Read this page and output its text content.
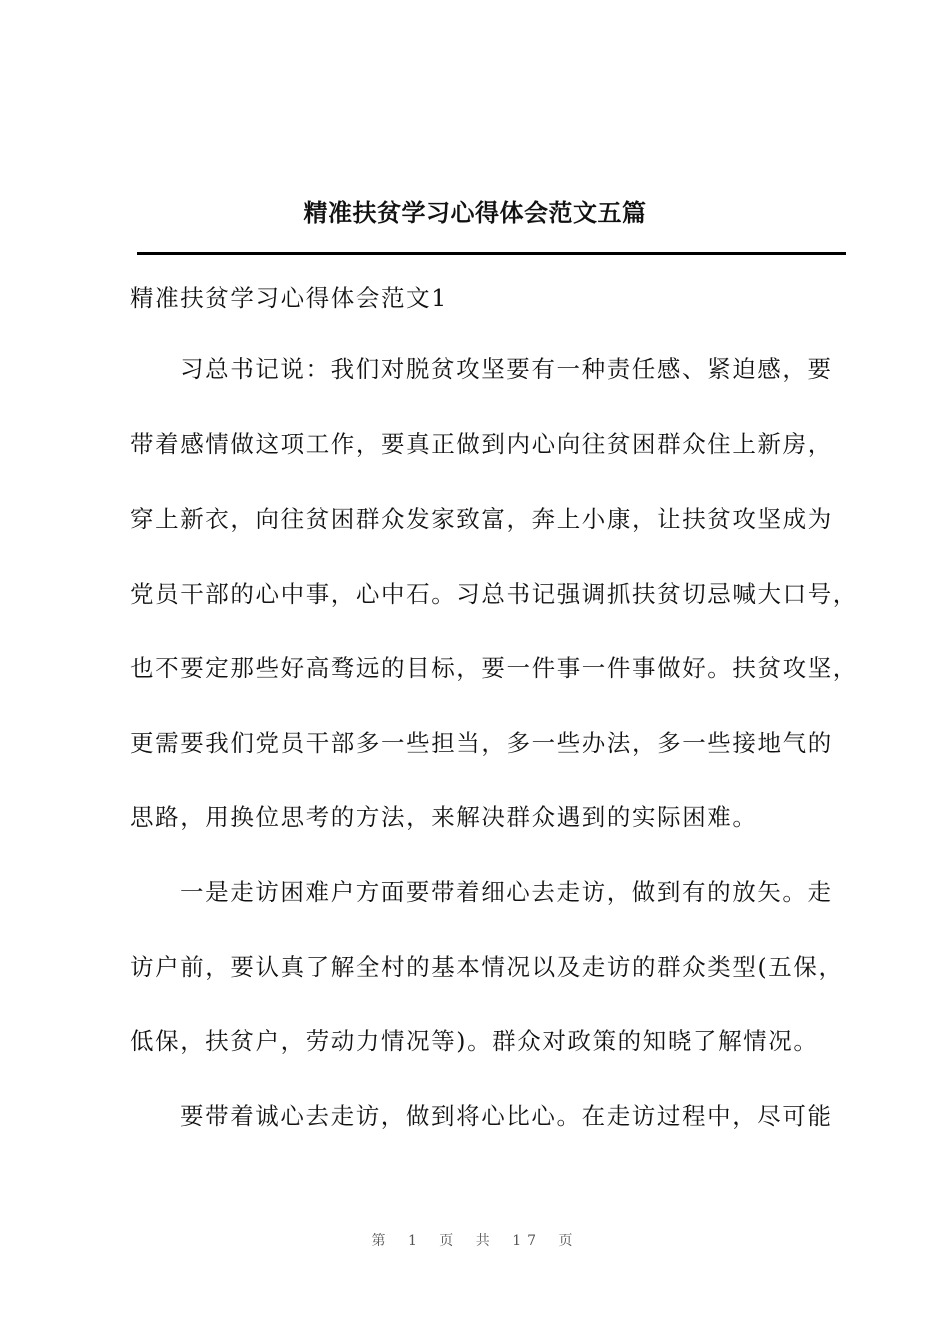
精准扶贫学习心得体会范文五篇
精准扶贫学习心得体会范文1
习总书记说：我们对脱贫攻坚要有一种责任感、紧迫感，要
带着感情做这项工作，要真正做到内心向往贫困群众住上新房，
穿上新衣，向往贫困群众发家致富，奔上小康，让扶贫攻坚成为
党员干部的心中事，心中石。习总书记强调抓扶贫切忌喊大口号，
也不要定那些好高骛远的目标，要一件事一件事做好。扶贫攻坚，
更需要我们党员干部多一些担当，多一些办法，多一些接地气的
思路，用换位思考的方法，来解决群众遇到的实际困难。
一是走访困难户方面要带着细心去走访，做到有的放矢。走
访户前，要认真了解全村的基本情况以及走访的群众类型(五保，
低保，扶贫户，劳动力情况等)。群众对政策的知晓了解情况。
要带着诚心去走访，做到将心比心。在走访过程中，尽可能
第 1 页 共 17 页
